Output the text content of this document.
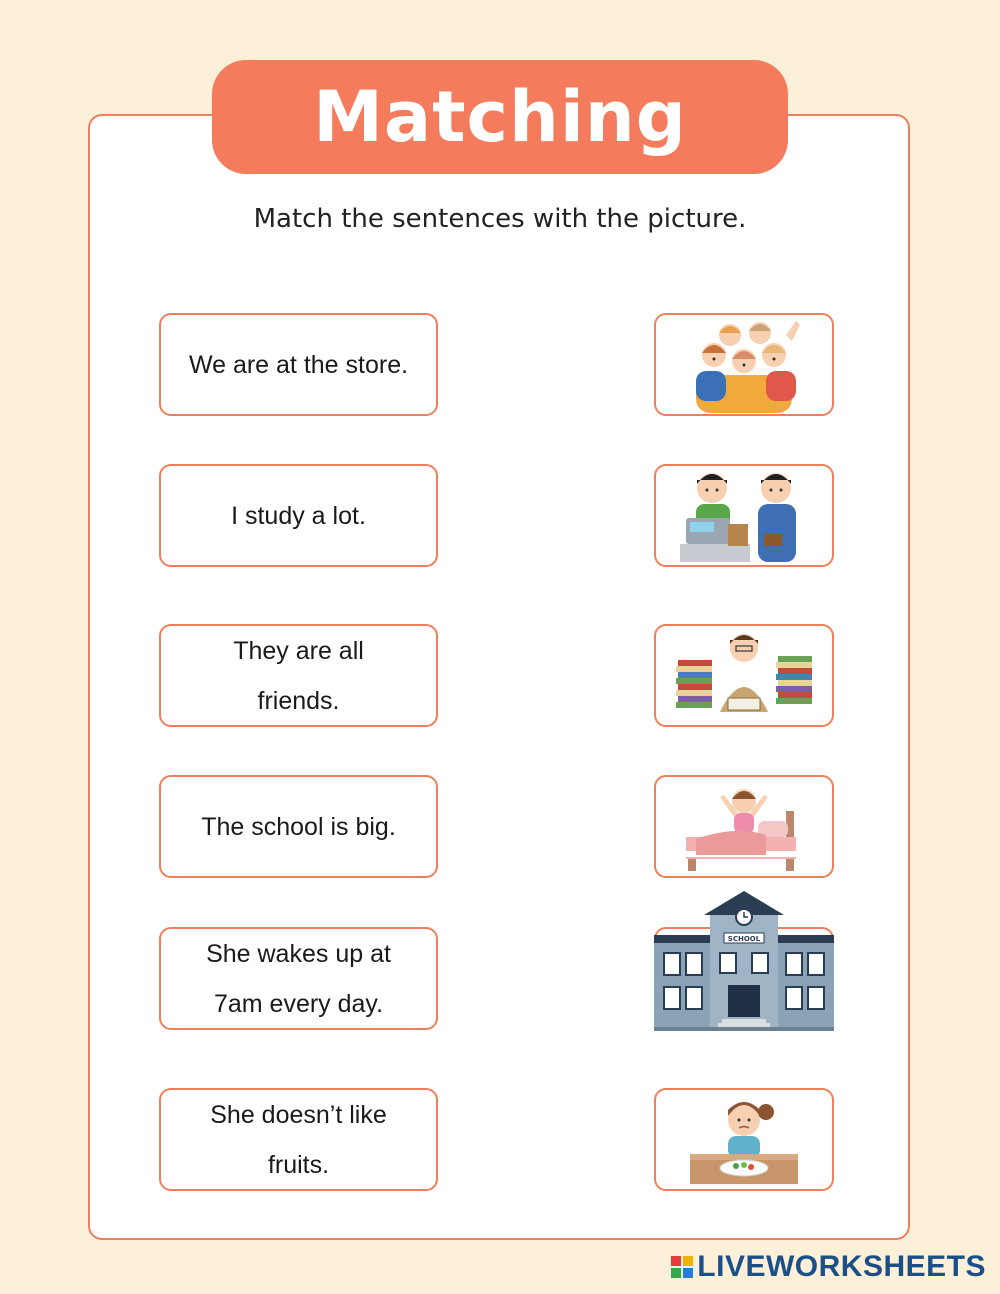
Matching
Match the sentences with the picture.
We are at the store.
I study a lot.
They are all friends.
The school is big.
She wakes up at 7am every day.
She doesn’t like fruits.
SCHOOL
LIVEWORKSHEETS
